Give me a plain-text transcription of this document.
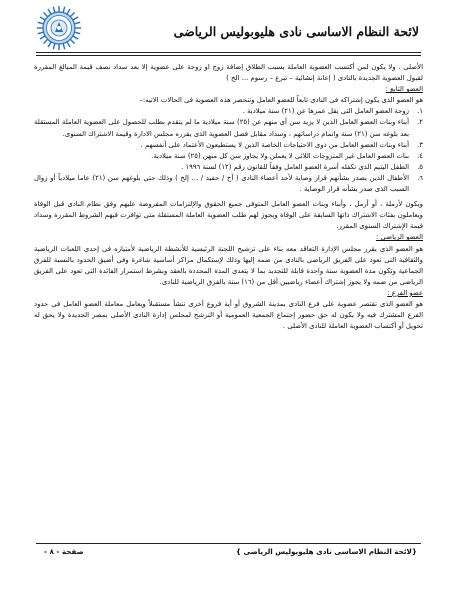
لائحة النظام الاساسى نادى هليوبوليس الرياضى

الأصلى . ولا يكون لمن أكتسب العضوية العاملة بسبب الطلاق إضافة زوج او زوجة على عضوية إلا بعد سداد نصف قيمة المبالغ المقررة لقبول العضوية الجديدة بالنادى ( إعانة إنشائية – تبرع – رسوم ... الخ )

العضو التابع :

هو العضو الذى يكون إشتراكه فى النادى تابعاً للعضو العامل وتنحصر هذه العضوية فى الحالات الاتيه:–

١.
زوجة العضو العامل التى يقل عمرها عن (٢١) سنة ميلادية .
٢.
أبناء وبنات العضو العامل الذين لا يزيد سن أى منهم عن (٢٥) سنة ميلادية ما لم يتقدم بطلب للحصول على العضوية العاملة المستقلة بعد بلوغه سن (٢١) سنة واتمام دراساتهم ، وسداد مقابل فصل العضوية الذى يقرره مجلس الادارة وقيمة الاشتراك السنوى.
٣.
أبناء وبنات العضو العامل من ذوى الاحتياجات الخاصة الذين لا يستطيعون الأعتماد على أنفسهم .
٤.
بنات العضو العامل غير المتزوجات اللائى لا يعملن ولا يجاوز سن كل منهن (٢٥) سنة ميلادية.
٥.
الطفل اليتيم الذى تكفله أسرة العضو العامل وفقاً للقانون رقم (١٢) لسنة ١٩٩٦ .
٦.
الأطفال الذين يصدر بشأنهم قرار وصاية لأحد أعضاء النادى ( أخ / حفيد / ... إلخ ) وذلك حتى بلوغهم سن (٢١) عاما ميلادياً أو زوال السبب الذى صدر بشأنه قرار الوصاية .

ويكون لأرملة ، أو أرمل ، وأبناء وبنات العضو العامل المتوفى جميع الحقوق والإلتزامات المفروضة عليهم وفق نظام النادى قبل الوفاة ويعاملون بفئات الاشتراك ذاتها السابقة على الوفاة ويجوز لهم طلب العضوية العاملة المستقلة متى توافرت فيهم الشروط المقررة وسداد قيمة الإشتراك السنوى المقرر.

العضو الرياضى :

هو العضو الذى يقرر مجلس الإدارة التعاقد معه بناء على ترشيح اللجنة الرئيسية للأنشطة الرياضية لأمتيازه فى إحدى اللعبات الرياضية والثقافية التى تعود على الفريق الرياضى بالنادى من ضمه إليها وذلك لإستكمال مراكز أساسية شاغرة وفى أضيق الحدود بالنسبة للفرق الجماعية وتكون مدة العضوية سنة واحدة قابلة للتجديد بما لا يتعدى المدة المحددة بالعقد وبشرط استمرار الفائدة التى تعود على الفريق الرياضى من ضمه ولا يجوز إشتراك أعضاء رياضيين أقل من (١٦) سنة بالفرق الرياضية للنادى.

عضو الفرع :

هو العضو الذى تقتصر عضوية على فرع النادى بمدينة الشروق أو أية فروع آخرى تنشأ مستقبلاً ويعامل معاملة العضو العامل فى حدود الفرع المشترك فيه ولا يكون له حق حضور إجتماع الجمعية العمومية أو الترشح لمجلس إدارة النادى الأصلى بمصر الجديدة ولا يحق له تحويل أو أكتساب العضوية العاملة للنادى الأصلى .

{لائحة النظام الاساسى نادى هليوبوليس الرياضى }
صفحة - ٨ -
